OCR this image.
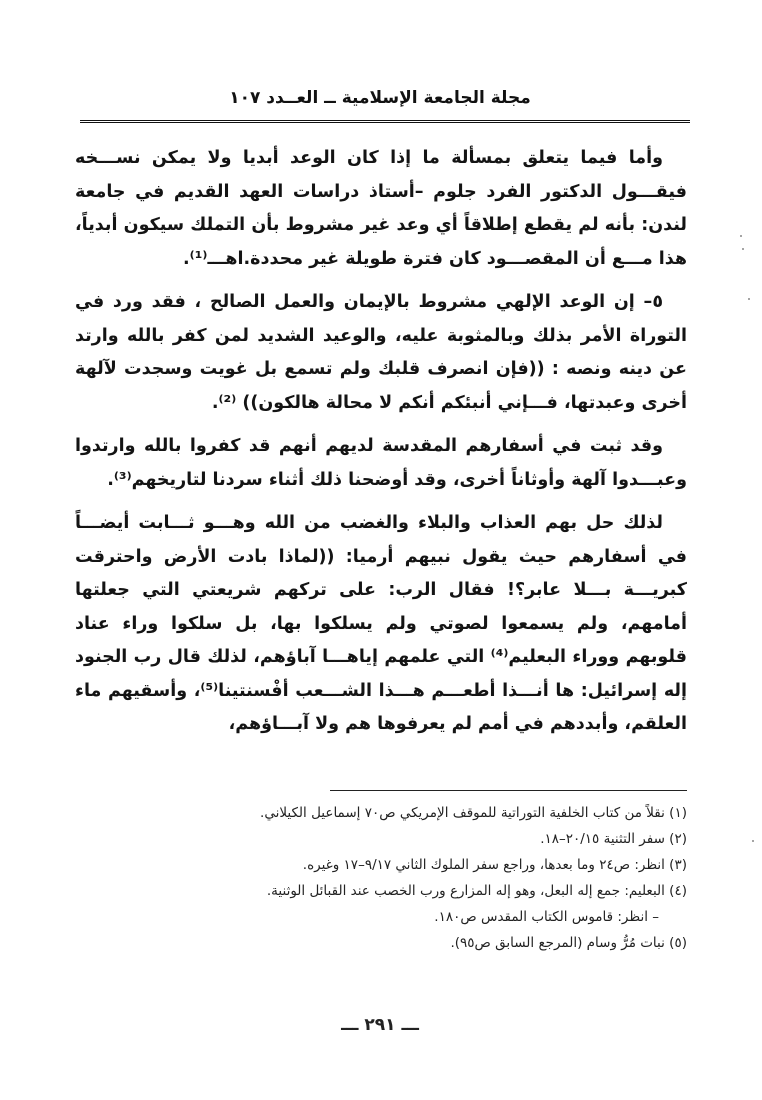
مجلة الجامعة الإسلامية ــ العــدد ١٠٧

وأما فيما يتعلق بمسألة ما إذا كان الوعد أبديا ولا يمكن نســـخه فيقـــول الدكتور الفرد جلوم –أستاذ دراسات العهد القديم في جامعة لندن: بأنه لم يقطع إطلاقاً أي وعد غير مشروط بأن التملك سيكون أبدياً، هذا مـــع أن المقصـــود كان فترة طويلة غير محددة.اهـــ⁽¹⁾.

٥– إن الوعد الإلهي مشروط بالإيمان والعمل الصالح ، فقد ورد في التوراة الأمر بذلك وبالمثوبة عليه، والوعيد الشديد لمن كفر بالله وارتد عن دينه ونصه : ((فإن انصرف قلبك ولم تسمع بل غويت وسجدت لآلهة أخرى وعبدتها، فـــإني أنبئكم أنكم لا محالة هالكون)) ⁽²⁾.

وقد ثبت في أسفارهم المقدسة لديهم أنهم قد كفروا بالله وارتدوا وعبـــدوا آلهة وأوثاناً أخرى، وقد أوضحنا ذلك أثناء سردنا لتاريخهم⁽³⁾.

لذلك حل بهم العذاب والبلاء والغضب من الله وهـــو ثـــابت أيضـــاً في أسفارهم حيث يقول نبيهم أرميا: ((لماذا بادت الأرض واحترقت كبريـــة بـــلا عابر؟! فقال الرب: على تركهم شريعتي التي جعلتها أمامهم، ولم يسمعوا لصوتي ولم يسلكوا بها، بل سلكوا وراء عناد قلوبهم ووراء البعليم⁽⁴⁾ التي علمهم إياهـــا آباؤهم، لذلك قال رب الجنود إله إسرائيل: ها أنـــذا أطعـــم هـــذا الشـــعب أفْسنتينا⁽⁵⁾، وأسقيهم ماء العلقم، وأبددهم في أمم لم يعرفوها هم ولا آبـــاؤهم،

(١) نقلاً من كتاب الخلفية التوراتية للموقف الإمريكي ص٧٠ إسماعيل الكيلاني.
(٢) سفر التثنية ٢٠/١٥–١٨.
(٣) انظر: ص٢٤ وما بعدها، وراجع سفر الملوك الثاني ٩/١٧–١٧ وغيره.
(٤) البعليم: جمع إله البعل، وهو إله المزارع ورب الخصب عند القبائل الوثنية.
– انظر: قاموس الكتاب المقدس ص١٨٠.
(٥) نبات مُرُّ وسام (المرجع السابق ص٩٥).
ـــ ٢٩١ ـــ
